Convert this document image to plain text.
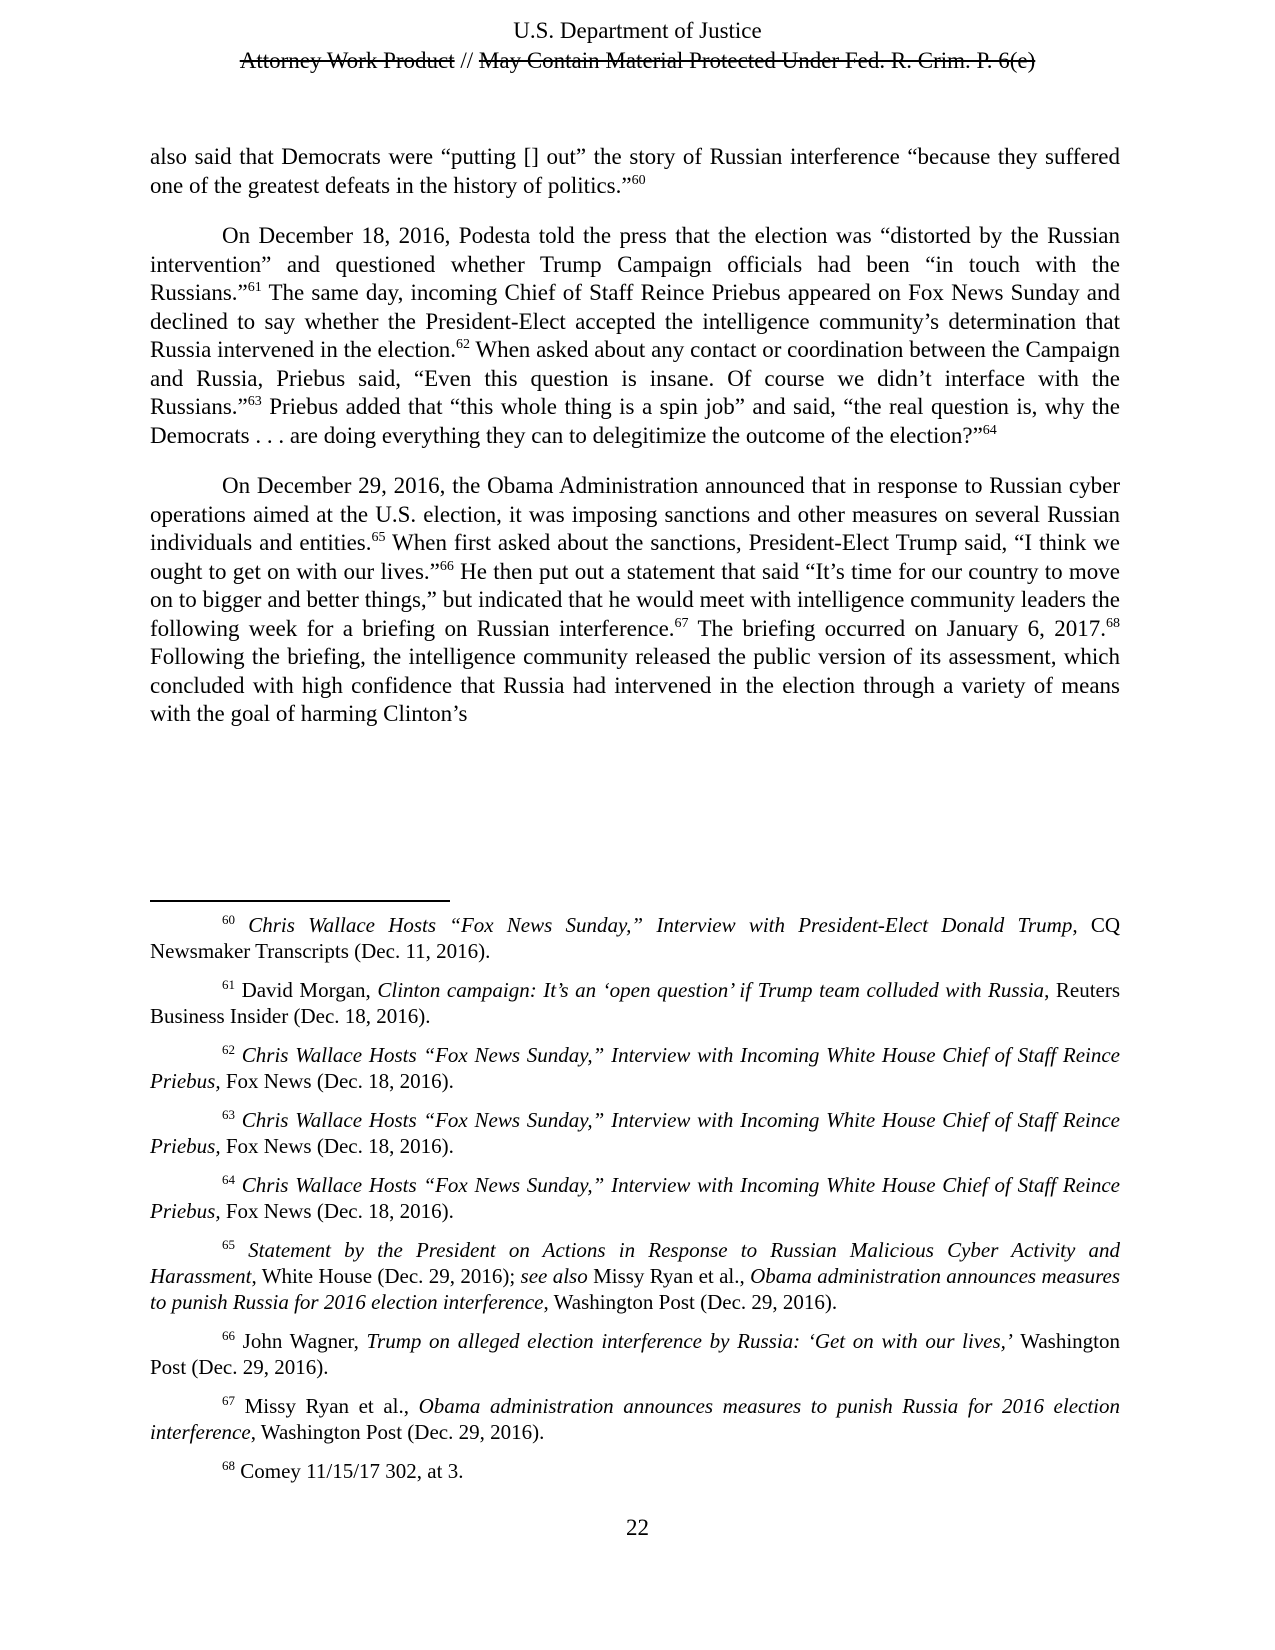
U.S. Department of Justice
Attorney Work Product // May Contain Material Protected Under Fed. R. Crim. P. 6(e)

also said that Democrats were “putting [] out” the story of Russian interference “because they suffered one of the greatest defeats in the history of politics.”$^{60}$

On December 18, 2016, Podesta told the press that the election was “distorted by the Russian intervention” and questioned whether Trump Campaign officials had been “in touch with the Russians.”$^{61}$ The same day, incoming Chief of Staff Reince Priebus appeared on Fox News Sunday and declined to say whether the President-Elect accepted the intelligence community’s determination that Russia intervened in the election.$^{62}$ When asked about any contact or coordination between the Campaign and Russia, Priebus said, “Even this question is insane. Of course we didn’t interface with the Russians.”$^{63}$ Priebus added that “this whole thing is a spin job” and said, “the real question is, why the Democrats . . . are doing everything they can to delegitimize the outcome of the election?”$^{64}$

On December 29, 2016, the Obama Administration announced that in response to Russian cyber operations aimed at the U.S. election, it was imposing sanctions and other measures on several Russian individuals and entities.$^{65}$ When first asked about the sanctions, President-Elect Trump said, “I think we ought to get on with our lives.”$^{66}$ He then put out a statement that said “It’s time for our country to move on to bigger and better things,” but indicated that he would meet with intelligence community leaders the following week for a briefing on Russian interference.$^{67}$ The briefing occurred on January 6, 2017.68 Following the briefing, the intelligence community released the public version of its assessment, which concluded with high confidence that Russia had intervened in the election through a variety of means with the goal of harming Clinton’s

$^{60}$ Chris Wallace Hosts “Fox News Sunday,” Interview with President-Elect Donald Trump, CQ Newsmaker Transcripts (Dec. 11, 2016).
$^{61}$ David Morgan, Clinton campaign: It’s an ‘open question’ if Trump team colluded with Russia, Reuters Business Insider (Dec. 18, 2016).
$^{62}$ Chris Wallace Hosts “Fox News Sunday,” Interview with Incoming White House Chief of Staff Reince Priebus, Fox News (Dec. 18, 2016).
$^{63}$ Chris Wallace Hosts “Fox News Sunday,” Interview with Incoming White House Chief of Staff Reince Priebus, Fox News (Dec. 18, 2016).
$^{64}$ Chris Wallace Hosts “Fox News Sunday,” Interview with Incoming White House Chief of Staff Reince Priebus, Fox News (Dec. 18, 2016).
$^{65}$ Statement by the President on Actions in Response to Russian Malicious Cyber Activity and Harassment, White House (Dec. 29, 2016); see also Missy Ryan et al., Obama administration announces measures to punish Russia for 2016 election interference, Washington Post (Dec. 29, 2016).
$^{66}$ John Wagner, Trump on alleged election interference by Russia: ‘Get on with our lives,’ Washington Post (Dec. 29, 2016).
$^{67}$ Missy Ryan et al., Obama administration announces measures to punish Russia for 2016 election interference, Washington Post (Dec. 29, 2016).
$^{68}$ Comey 11/15/17 302, at 3.
22
